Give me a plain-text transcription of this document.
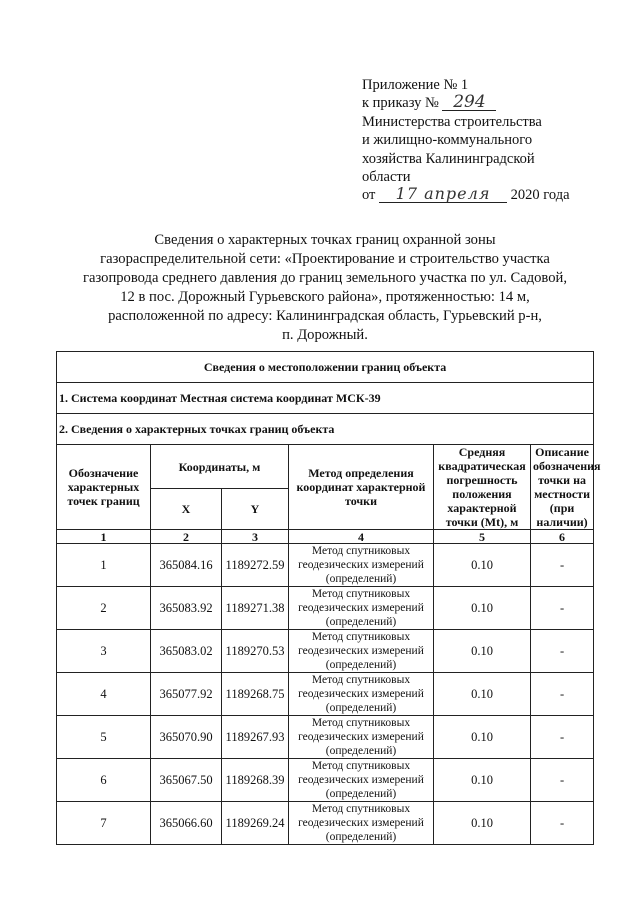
Приложение № 1
к приказу № 294
Министерства строительства
и жилищно-коммунального
хозяйства Калининградской
области
от 17 апреля 2020 года
Сведения о характерных точках границ охранной зоны
газораспределительной сети: «Проектирование и строительство участка
газопровода среднего давления до границ земельного участка по ул. Садовой,
12 в пос. Дорожный Гурьевского района», протяженностью: 14 м,
расположенной по адресу: Калининградская область, Гурьевский р-н,
п. Дорожный.
Сведения о местоположении границ объекта					
1. Система координат Местная система координат МСК-39					
2. Сведения о характерных точках границ объекта					
Обозначение характерных точек границ	Координаты, м		Метод определения координат характерной точки	Средняя квадратическая погрешность положения характерной точки (Mt), м	Описание обозначения точки на местности (при наличии)
	X	Y			
1	2	3	4	5	6
1	365084.16	1189272.59	Метод спутниковых геодезических измерений (определений)	0.10	-
2	365083.92	1189271.38	Метод спутниковых геодезических измерений (определений)	0.10	-
3	365083.02	1189270.53	Метод спутниковых геодезических измерений (определений)	0.10	-
4	365077.92	1189268.75	Метод спутниковых геодезических измерений (определений)	0.10	-
5	365070.90	1189267.93	Метод спутниковых геодезических измерений (определений)	0.10	-
6	365067.50	1189268.39	Метод спутниковых геодезических измерений (определений)	0.10	-
7	365066.60	1189269.24	Метод спутниковых геодезических измерений (определений)	0.10	-
